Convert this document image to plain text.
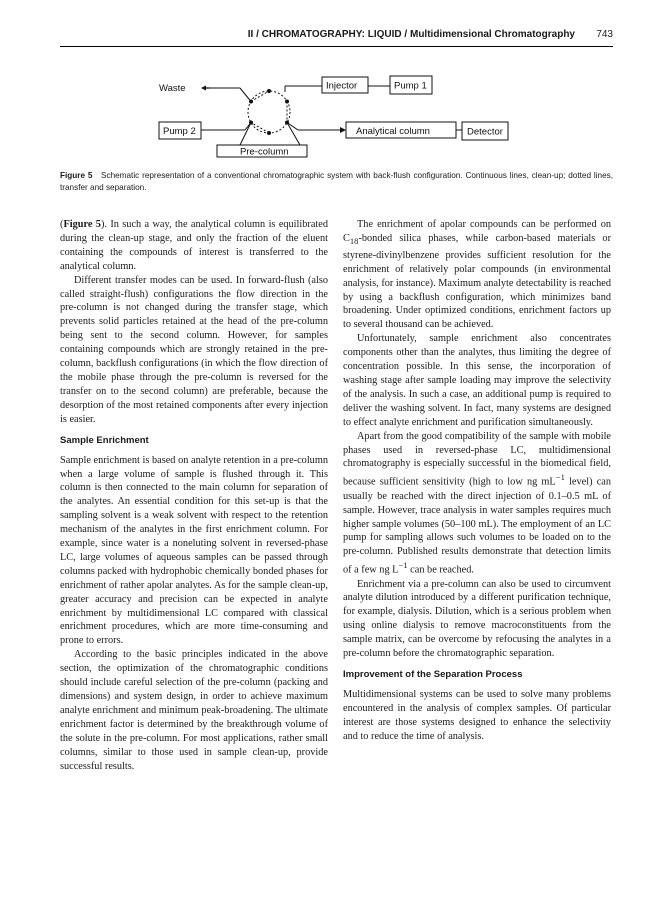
II / CHROMATOGRAPHY: LIQUID / Multidimensional Chromatography 743
Waste	Injector	Pump 1
Pump 2	Analytical column	Detector
Pre-column
Figure 5 Schematic representation of a conventional chromatographic system with back-flush configuration. Continuous lines, clean-up; dotted lines, transfer and separation.

(Figure 5). In such a way, the analytical column is equilibrated during the clean-up stage, and only the fraction of the eluent containing the compounds of interest is transferred to the analytical column.

Different transfer modes can be used. In forward-flush (also called straight-flush) configurations the flow direction in the pre-column is not changed during the transfer stage, which prevents solid particles retained at the head of the pre-column being sent to the second column. However, for samples containing compounds which are strongly retained in the pre-column, backflush configurations (in which the flow direction of the mobile phase through the pre-column is reversed for the transfer on to the second column) are preferable, because the desorption of the most retained components after every injection is easier.

Sample Enrichment

Sample enrichment is based on analyte retention in a pre-column when a large volume of sample is flushed through it. This column is then connected to the main column for separation of the analytes. An essential condition for this set-up is that the sampling solvent is a weak solvent with respect to the retention mechanism of the analytes in the first enrichment column. For example, since water is a noneluting solvent in reversed-phase LC, large volumes of aqueous samples can be passed through columns packed with hydrophobic chemically bonded phases for enrichment of rather apolar analytes. As for the sample clean-up, greater accuracy and precision can be expected in analyte enrichment by multidimensional LC compared with classical enrichment procedures, which are more time-consuming and prone to errors.

According to the basic principles indicated in the above section, the optimization of the chromatographic conditions should include careful selection of the pre-column (packing and dimensions) and system design, in order to achieve maximum analyte enrichment and minimum peak-broadening. The ultimate enrichment factor is determined by the breakthrough volume of the solute in the pre-column. For most applications, rather small columns, similar to those used in sample clean-up, provide successful results.

The enrichment of apolar compounds can be performed on $C_{18}$-bonded silica phases, while carbon-based materials or styrene-divinylbenzene provides sufficient resolution for the enrichment of relatively polar compounds (in environmental analysis, for instance). Maximum analyte detectability is reached by using a backflush configuration, which minimizes band broadening. Under optimized conditions, enrichment factors up to several thousand can be achieved.

Unfortunately, sample enrichment also concentrates components other than the analytes, thus limiting the degree of concentration possible. In this sense, the incorporation of washing stage after sample loading may improve the selectivity of the analysis. In such a case, an additional pump is required to deliver the washing solvent. In fact, many systems are designed to effect analyte enrichment and purification simultaneously.

Apart from the good compatibility of the sample with mobile phases used in reversed-phase LC, multidimensional chromatography is especially successful in the biomedical field, because sufficient sensitivity (high to low ng $mL^{-1}$ level) can usually be reached with the direct injection of 0.1–0.5 mL of sample. However, trace analysis in water samples requires much higher sample volumes (50–100 mL). The employment of an LC pump for sampling allows such volumes to be loaded on to the pre-column. Published results demonstrate that detection limits of a few ng $L^{-1}$ can be reached.

Enrichment via a pre-column can also be used to circumvent analyte dilution introduced by a different purification technique, for example, dialysis. Dilution, which is a serious problem when using online dialysis to remove macroconstituents from the sample matrix, can be overcome by refocusing the analytes in a pre-column before the chromatographic separation.

Improvement of the Separation Process

Multidimensional systems can be used to solve many problems encountered in the analysis of complex samples. Of particular interest are those systems designed to enhance the selectivity and to reduce the time of analysis.
